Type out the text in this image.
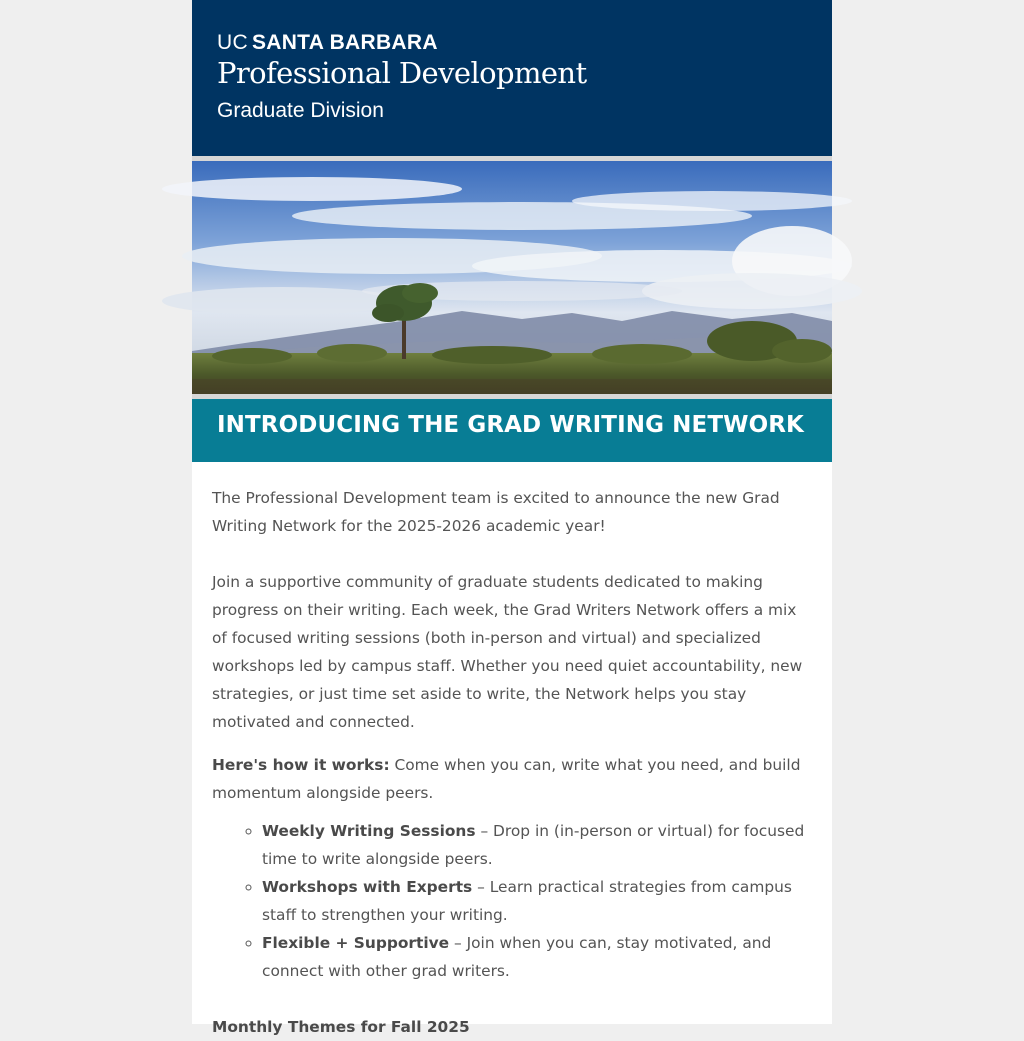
UC SANTA BARBARA
Professional Development
Graduate Division
INTRODUCING THE GRAD WRITING NETWORK

The Professional Development team is excited to announce the new Grad Writing Network for the 2025-2026 academic year!

Join a supportive community of graduate students dedicated to making progress on their writing. Each week, the Grad Writers Network offers a mix of focused writing sessions (both in-person and virtual) and specialized workshops led by campus staff. Whether you need quiet accountability, new strategies, or just time set aside to write, the Network helps you stay motivated and connected.

Here's how it works: Come when you can, write what you need, and build momentum alongside peers.

◦ Weekly Writing Sessions – Drop in (in-person or virtual) for focused time to write alongside peers.
◦ Workshops with Experts – Learn practical strategies from campus staff to strengthen your writing.
◦ Flexible + Supportive – Join when you can, stay motivated, and connect with other grad writers.

Monthly Themes for Fall 2025
